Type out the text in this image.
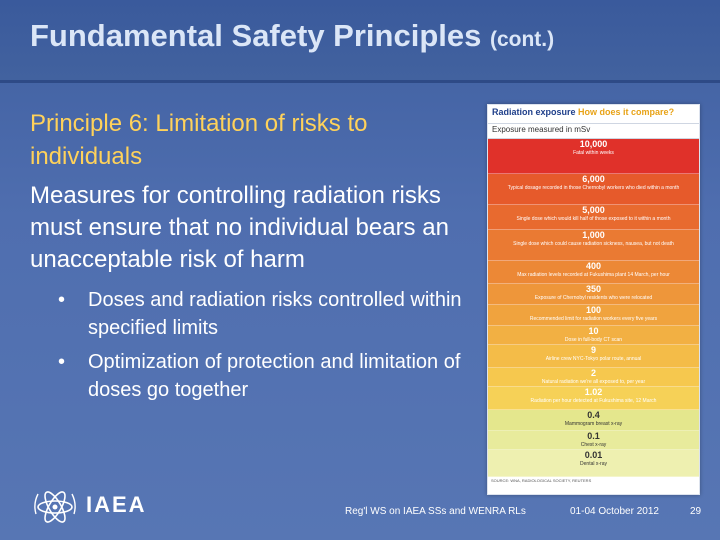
Fundamental Safety Principles (cont.)
Principle 6: Limitation of risks to individuals
Measures for controlling radiation risks must ensure that no individual bears an unacceptable risk of harm
• Doses and radiation risks controlled within specified limits
• Optimization of protection and limitation of doses go together
Radiation exposure How does it compare?
Exposure measured in mSv
10,000
Fatal within weeks
6,000
Typical dosage recorded in those Chernobyl workers who died within a month
5,000
Single dose which would kill half of those exposed to it within a month
1,000
Single dose which could cause radiation sickness, nausea, but not death
400
Max radiation levels recorded at Fukushima plant 14 March, per hour
350
Exposure of Chernobyl residents who were relocated
100
Recommended limit for radiation workers every five years
10
Dose in full-body CT scan
9
Airline crew NYC-Tokyo polar route, annual
2
Natural radiation we're all exposed to, per year
1.02
Radiation per hour detected at Fukushima site, 12 March
0.4
Mammogram breast x-ray
0.1
Chest x-ray
0.01
Dental x-ray
SOURCE: WNA, RADIOLOGICAL SOCIETY, REUTERS
IAEA	Reg'l WS on IAEA SSs and WENRA RLs	01-04 October 2012	29
